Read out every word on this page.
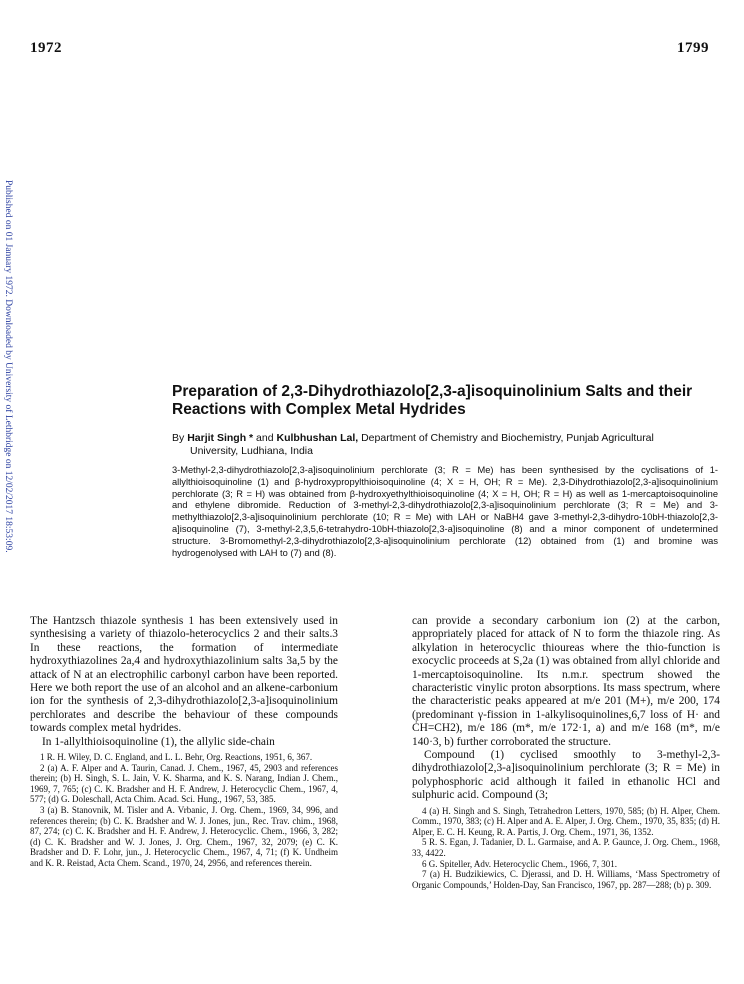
1972	1799
Published on 01 January 1972. Downloaded by University of Lethbridge on 12/02/2017 18:53:09.	Preparation of 2,3-Dihydrothiazolo[2,3-a]isoquinolinium Salts and their Reactions with Complex Metal Hydrides

By Harjit Singh * and Kulbhushan Lal, Department of Chemistry and Biochemistry, Punjab Agricultural
University, Ludhiana, India

3-Methyl-2,3-dihydrothiazolo[2,3-a]isoquinolinium perchlorate (3; R = Me) has been synthesised by the cyclisations of 1-allylthioisoquinoline (1) and β-hydroxypropylthioisoquinoline (4; X = H, OH; R = Me). 2,3-Dihydrothiazolo[2,3-a]isoquinolinium perchlorate (3; R = H) was obtained from β-hydroxyethylthioisoquinoline (4; X = H, OH; R = H) as well as 1-mercaptoisoquinoline and ethylene dibromide. Reduction of 3-methyl-2,3-dihydrothiazolo[2,3-a]isoquinolinium perchlorate (3; R = Me) and 3-methylthiazolo[2,3-a]isoquinolinium perchlorate (10; R = Me) with LAH or NaBH4 gave 3-methyl-2,3-dihydro-10bH-thiazolo[2,3-a]isoquinoline (7), 3-methyl-2,3,5,6-tetrahydro-10bH-thiazolo[2,3-a]isoquinoline (8) and a minor component of undetermined structure. 3-Bromomethyl-2,3-dihydrothiazolo[2,3-a]isoquinolinium perchlorate (12) obtained from (1) and bromine was hydrogenolysed with LAH to (7) and (8).

The Hantzsch thiazole synthesis 1 has been extensively used in synthesising a variety of thiazolo-heterocyclics 2 and their salts.3 In these reactions, the formation of intermediate hydroxythiazolines 2a,4 and hydroxythiazolinium salts 3a,5 by the attack of N at an electrophilic carbonyl carbon have been reported. Here we both report the use of an alcohol and an alkene-carbonium ion for the synthesis of 2,3-dihydrothiazolo[2,3-a]isoquinolinium perchlorates and describe the behaviour of these compounds towards complex metal hydrides.

In 1-allylthioisoquinoline (1), the allylic side-chain

1 R. H. Wiley, D. C. England, and L. L. Behr, Org. Reactions, 1951, 6, 367.

2 (a) A. F. Alper and A. Taurin, Canad. J. Chem., 1967, 45, 2903 and references therein; (b) H. Singh, S. L. Jain, V. K. Sharma, and K. S. Narang, Indian J. Chem., 1969, 7, 765; (c) C. K. Bradsher and H. F. Andrew, J. Heterocyclic Chem., 1967, 4, 577; (d) G. Doleschall, Acta Chim. Acad. Sci. Hung., 1967, 53, 385.

3 (a) B. Stanovnik, M. Tisler and A. Vrbanic, J. Org. Chem., 1969, 34, 996, and references therein; (b) C. K. Bradsher and W. J. Jones, jun., Rec. Trav. chim., 1968, 87, 274; (c) C. K. Bradsher and H. F. Andrew, J. Heterocyclic. Chem., 1966, 3, 282; (d) C. K. Bradsher and W. J. Jones, J. Org. Chem., 1967, 32, 2079; (e) C. K. Bradsher and D. F. Lohr, jun., J. Heterocyclic Chem., 1967, 4, 71; (f) K. Undheim and K. R. Reistad, Acta Chem. Scand., 1970, 24, 2956, and references therein.

can provide a secondary carbonium ion (2) at the carbon, appropriately placed for attack of N to form the thiazole ring. As alkylation in heterocyclic thioureas where the thio-function is exocyclic proceeds at S,2a (1) was obtained from allyl chloride and 1-mercaptoisoquinoline. Its n.m.r. spectrum showed the characteristic vinylic proton absorptions. Its mass spectrum, where the characteristic peaks appeared at m/e 201 (M+), m/e 200, 174 (predominant γ-fission in 1-alkylisoquinolines,6,7 loss of H· and ĊH=CH2), m/e 186 (m*, m/e 172·1, a) and m/e 168 (m*, m/e 140·3, b) further corroborated the structure.

Compound (1) cyclised smoothly to 3-methyl-2,3-dihydrothiazolo[2,3-a]isoquinolinium perchlorate (3; R = Me) in polyphosphoric acid although it failed in ethanolic HCl and sulphuric acid. Compound (3;

4 (a) H. Singh and S. Singh, Tetrahedron Letters, 1970, 585; (b) H. Alper, Chem. Comm., 1970, 383; (c) H. Alper and A. E. Alper, J. Org. Chem., 1970, 35, 835; (d) H. Alper, E. C. H. Keung, R. A. Partis, J. Org. Chem., 1971, 36, 1352.

5 R. S. Egan, J. Tadanier, D. L. Garmaise, and A. P. Gaunce, J. Org. Chem., 1968, 33, 4422.

6 G. Spiteller, Adv. Heterocyclic Chem., 1966, 7, 301.

7 (a) H. Budzikiewics, C. Djerassi, and D. H. Williams, ‘Mass Spectrometry of Organic Compounds,’ Holden-Day, San Francisco, 1967, pp. 287—288; (b) p. 309.
